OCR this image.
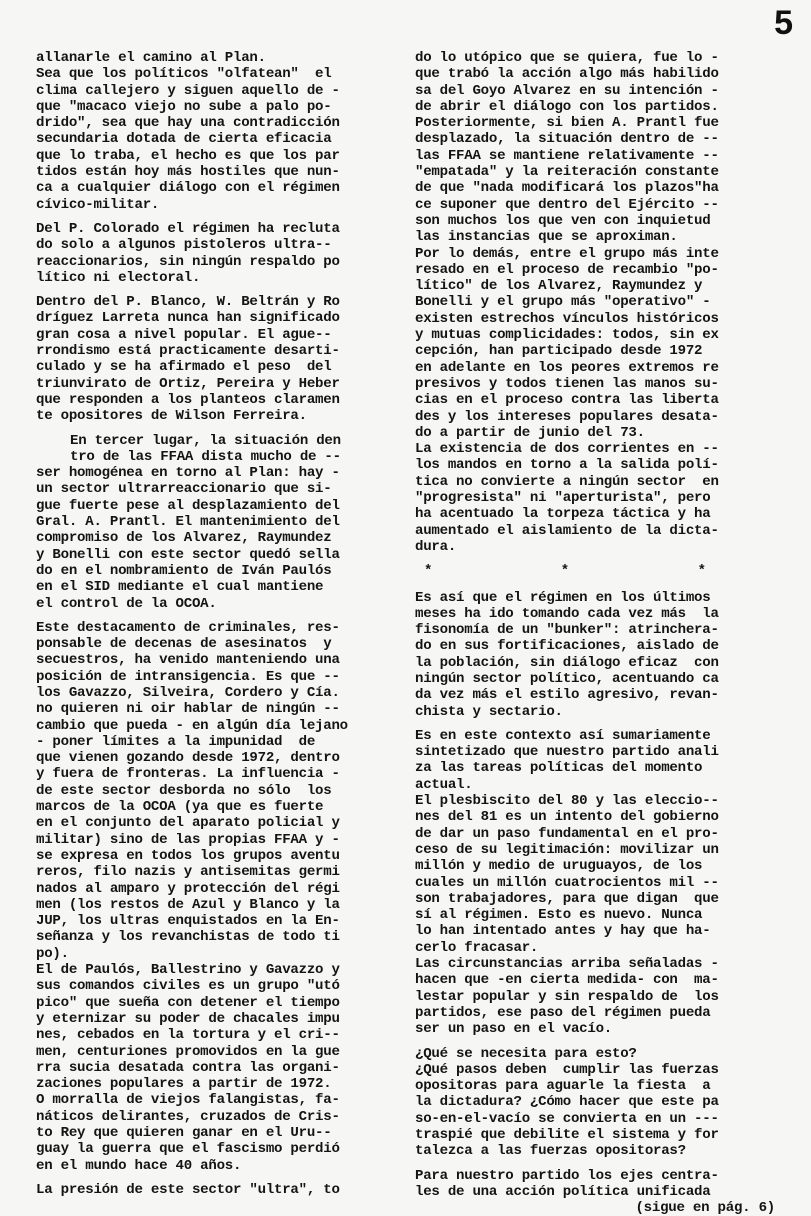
5
allanarle el camino al Plan.
Sea que los políticos "olfatean"  el
clima callejero y siguen aquello de -
que "macaco viejo no sube a palo po-
drido", sea que hay una contradicción
secundaria dotada de cierta eficacia
que lo traba, el hecho es que los par
tidos están hoy más hostiles que nun-
ca a cualquier diálogo con el régimen
cívico-militar.
Del P. Colorado el régimen ha recluta
do solo a algunos pistoleros ultra--
reaccionarios, sin ningún respaldo po
lítico ni electoral.
Dentro del P. Blanco, W. Beltrán y Ro
dríguez Larreta nunca han significado
gran cosa a nivel popular. El ague--
rrondismo está practicamente desarti-
culado y se ha afirmado el peso  del
triunvirato de Ortiz, Pereira y Heber
que responden a los planteos claramen
te opositores de Wilson Ferreira.
En tercer lugar, la situación den
tro de las FFAA dista mucho de --
ser homogénea en torno al Plan: hay -
un sector ultrarreaccionario que si-
gue fuerte pese al desplazamiento del
Gral. A. Prantl. El mantenimiento del
compromiso de los Alvarez, Raymundez
y Bonelli con este sector quedó sella
do en el nombramiento de Iván Paulós
en el SID mediante el cual mantiene
el control de la OCOA.
Este destacamento de criminales, res-
ponsable de decenas de asesinatos  y
secuestros, ha venido manteniendo una
posición de intransigencia. Es que --
los Gavazzo, Silveira, Cordero y Cía.
no quieren ni oir hablar de ningún --
cambio que pueda - en algún día lejano
- poner límites a la impunidad  de
que vienen gozando desde 1972, dentro
y fuera de fronteras. La influencia -
de este sector desborda no sólo  los
marcos de la OCOA (ya que es fuerte
en el conjunto del aparato policial y
militar) sino de las propias FFAA y -
se expresa en todos los grupos aventu
reros, filo nazis y antisemitas germi
nados al amparo y protección del régi
men (los restos de Azul y Blanco y la
JUP, los ultras enquistados en la En-
señanza y los revanchistas de todo ti
po).
El de Paulós, Ballestrino y Gavazzo y
sus comandos civiles es un grupo "utó
pico" que sueña con detener el tiempo
y eternizar su poder de chacales impu
nes, cebados en la tortura y el cri--
men, centuriones promovidos en la gue
rra sucia desatada contra las organi-
zaciones populares a partir de 1972.
O morralla de viejos falangistas, fa-
náticos delirantes, cruzados de Cris-
to Rey que quieren ganar en el Uru--
guay la guerra que el fascismo perdió
en el mundo hace 40 años.
La presión de este sector "ultra", to
do lo utópico que se quiera, fue lo -
que trabó la acción algo más habilido
sa del Goyo Alvarez en su intención -
de abrir el diálogo con los partidos.
Posteriormente, si bien A. Prantl fue
desplazado, la situación dentro de --
las FFAA se mantiene relativamente --
"empatada" y la reiteración constante
de que "nada modificará los plazos"ha
ce suponer que dentro del Ejército --
son muchos los que ven con inquietud
las instancias que se aproximan.
Por lo demás, entre el grupo más inte
resado en el proceso de recambio "po-
lítico" de los Alvarez, Raymundez y
Bonelli y el grupo más "operativo" -
existen estrechos vínculos históricos
y mutuas complicidades: todos, sin ex
cepción, han participado desde 1972
en adelante en los peores extremos re
presivos y todos tienen las manos su-
cias en el proceso contra las liberta
des y los intereses populares desata-
do a partir de junio del 73.
La existencia de dos corrientes en --
los mandos en torno a la salida polí-
tica no convierte a ningún sector  en
"progresista" ni "aperturista", pero
ha acentuado la torpeza táctica y ha
aumentado el aislamiento de la dicta-
dura.
* * *
Es así que el régimen en los últimos
meses ha ido tomando cada vez más  la
fisonomía de un "bunker": atrinchera-
do en sus fortificaciones, aislado de
la población, sin diálogo eficaz  con
ningún sector político, acentuando ca
da vez más el estilo agresivo, revan-
chista y sectario.
Es en este contexto así sumariamente
sintetizado que nuestro partido anali
za las tareas políticas del momento
actual.
El plesbiscito del 80 y las eleccio--
nes del 81 es un intento del gobierno
de dar un paso fundamental en el pro-
ceso de su legitimación: movilizar un
millón y medio de uruguayos, de los
cuales un millón cuatrocientos mil --
son trabajadores, para que digan  que
sí al régimen. Esto es nuevo. Nunca
lo han intentado antes y hay que ha-
cerlo fracasar.
Las circunstancias arriba señaladas -
hacen que -en cierta medida- con  ma-
lestar popular y sin respaldo de  los
partidos, ese paso del régimen pueda
ser un paso en el vacío.
¿Qué se necesita para esto?
¿Qué pasos deben  cumplir las fuerzas
opositoras para aguarle la fiesta  a
la dictadura? ¿Cómo hacer que este pa
so-en-el-vacío se convierta en un ---
traspié que debilite el sistema y for
talezca a las fuerzas opositoras?
Para nuestro partido los ejes centra-
les de una acción política unificada
(sigue en pág. 6)
